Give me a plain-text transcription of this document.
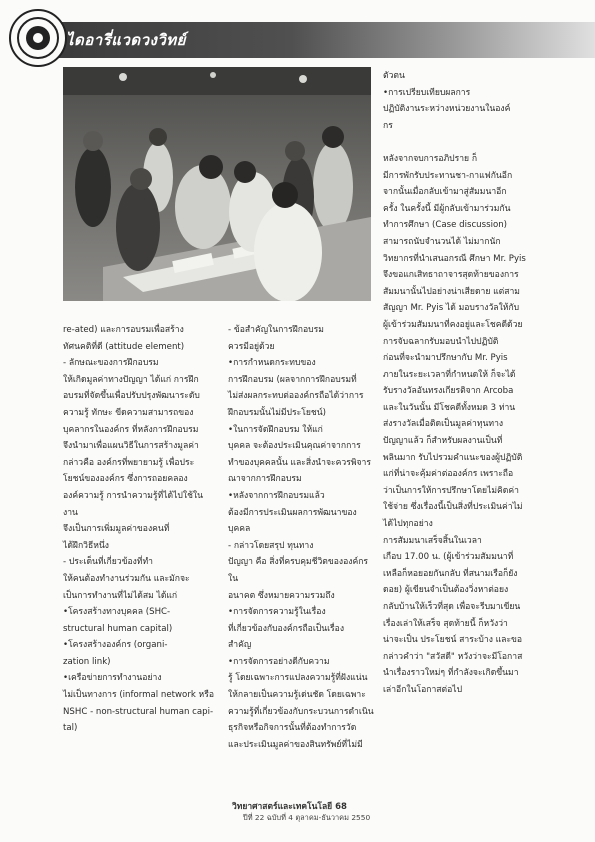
ไดอารี่แวดวงวิทย์

re-ated) และการอบรมเพื่อสร้าง

ทัศนคติที่ดี (attitude element)

- ลักษณะของการฝึกอบรม

ให้เกิดมูลค่าทางปัญญา ได้แก่ การฝึก

อบรมที่จัดขึ้นเพื่อปรับปรุงพัฒนาระดับ

ความรู้ ทักษะ ขีดความสามารถของ

บุคลากรในองค์กร ที่หลังการฝึกอบรม

จึงนำมาเพื่อแผนวิธีในการสร้างมูลค่า

กล่าวคือ องค์กรที่พยายามรู้ เพื่อประ

โยชน์ขององค์กร ซึ่งการถอยคลอง

องค์ความรู้ การนำความรู้ที่ได้ไปใช้ในงาน

จึงเป็นการเพิ่มมูลค่าของคนที่

ได้ฝึกวิธีหนึ่ง

- ประเด็นที่เกี่ยวข้องที่ทำ

ให้คนต้องทำงานร่วมกัน และมักจะ

เป็นการทำงานที่ไม่ได้สม ได้แก่

•โครงสร้างทางบุคคล (SHC-

structural human capital)

•โครงสร้างองค์กร (organi-

zation link)

•เครือข่ายการทำงานอย่าง

ไม่เป็นทางการ (informal network หรือ

NSHC - non-structural human capi-

tal)

- ข้อสำคัญในการฝึกอบรม

ควรมีอยู่ด้วย

•การกำหนดกระทบของ

การฝึกอบรม (ผลจากการฝึกอบรมที่

ไม่ส่งผลกระทบต่อองค์กรถือได้ว่าการ

ฝึกอบรมนั้นไม่มีประโยชน์)

•ในการจัดฝึกอบรม ให้แก่

บุคคล จะต้องประเมินคุณค่าจากการ

ทำของบุคคลนั้น และสิ่งนำจะควรพิจาร

ณาจากการฝึกอบรม

•หลังจากการฝึกอบรมแล้ว

ต้องมีการประเมินผลการพัฒนาของบุคคล

- กล่าวโดยสรุป ทุนทาง

ปัญญา คือ สิ่งที่ครบคุมชีวิตขององค์กรใน

อนาคต ซึ่งหมายความรวมถึง

•การจัดการความรู้ในเรื่อง

ที่เกี่ยวข้องกับองค์กรถือเป็นเรื่อง

สำคัญ

•การจัดการอย่างดีกับความ

รู้ โดยเฉพาะการแปลงความรู้ที่ฝังแน่น

ให้กลายเป็นความรู้เด่นชัด โดยเฉพาะ

ความรู้ที่เกี่ยวข้องกับกระบวนการดำเนิน

ธุรกิจหรือกิจการนั้นที่ต้องทำการวัด

และประเมินมูลค่าของสินทรัพย์ที่ไม่มี

ตัวตน

•การเปรียบเทียบผลการ

ปฏิบัติงานระหว่างหน่วยงานในองค์

กร

หลังจากจบการอภิปราย ก็

มีการพักรับประทานชา-กาแฟกันอีก

จากนั้นเมื่อกลับเข้ามาสู่สัมมนาอีก

ครั้ง ในครั้งนี้ มีผู้กลับเข้ามาร่วมกัน

ทำการศึกษา (Case discussion)

สามารถนับจำนวนได้ ไม่มากนัก

วิทยากรที่นำเสนอกรณี ศึกษา Mr. Pyis

จึงขอแกเสิทธาถาจารสุดท้ายของการ

สัมมนานั้นไปอย่างน่าเสียดาย แต่สาม

สัญญา Mr. Pyis ได้ มอบรางวัลให้กับ

ผู้เข้าร่วมสัมมนาที่คงอยู่และโชคดีด้วย

การจับฉลากรับมอบนำไปปฏิบัติ

ก่อนที่จะนำมาปรึกษากับ Mr. Pyis

ภายในระยะเวลาที่กำหนดให้ ก็จะได้

รับรางวัลอันทรงเกียรติจาก Arcoba

และในวันนั้น มีโชคดีทั้งหมด 3 ท่าน

ส่งรางวัลเมื่อติดเป็นมูลค่าทุนทาง

ปัญญาแล้ว ก็สำหรับผลงานเป็นที่

พลินมาก รับไปรวมคำแนะของผู้ปฏิบัติ

แก่ที่น่าจะคุ้มค่าต่อองค์กร เพราะถือ

ว่าเป็นการให้การปรึกษาโดยไม่คิดค่า

ใช้จ่าย ซึ่งเรื่องนี้เป็นสิ่งที่ประเมินค่าไม่

ได้ไปทุกอย่าง

การสัมมนาเสร็จสิ้นในเวลา

เกือบ 17.00 น. (ผู้เข้าร่วมสัมมนาที่

เหลือก็หอยอยกันกลับ ที่สนามเรือก็ยัง

ดอย) ผู้เขียนจำเป็นต้องวิ่งหาต่อยง

กลับบ้านให้เร็วที่สุด เพื่อจะรีบมาเขียน

เรื่องเล่าให้เสร็จ สุดท้ายนี้ ก็หวังว่า

น่าจะเป็น ประโยชน์ สาระบ้าง และขอ

กล่าวคำว่า "สวัสดี" หวังว่าจะมีโอกาส

นำเรื่องราวใหม่ๆ ที่กำลังจะเกิดขึ้นมา

เล่าอีกในโอกาสต่อไป

วิทยาศาสตร์และเทคโนโลยี 68
ปีที่ 22 ฉบับที่ 4 ตุลาคม-ธันวาคม 2550
